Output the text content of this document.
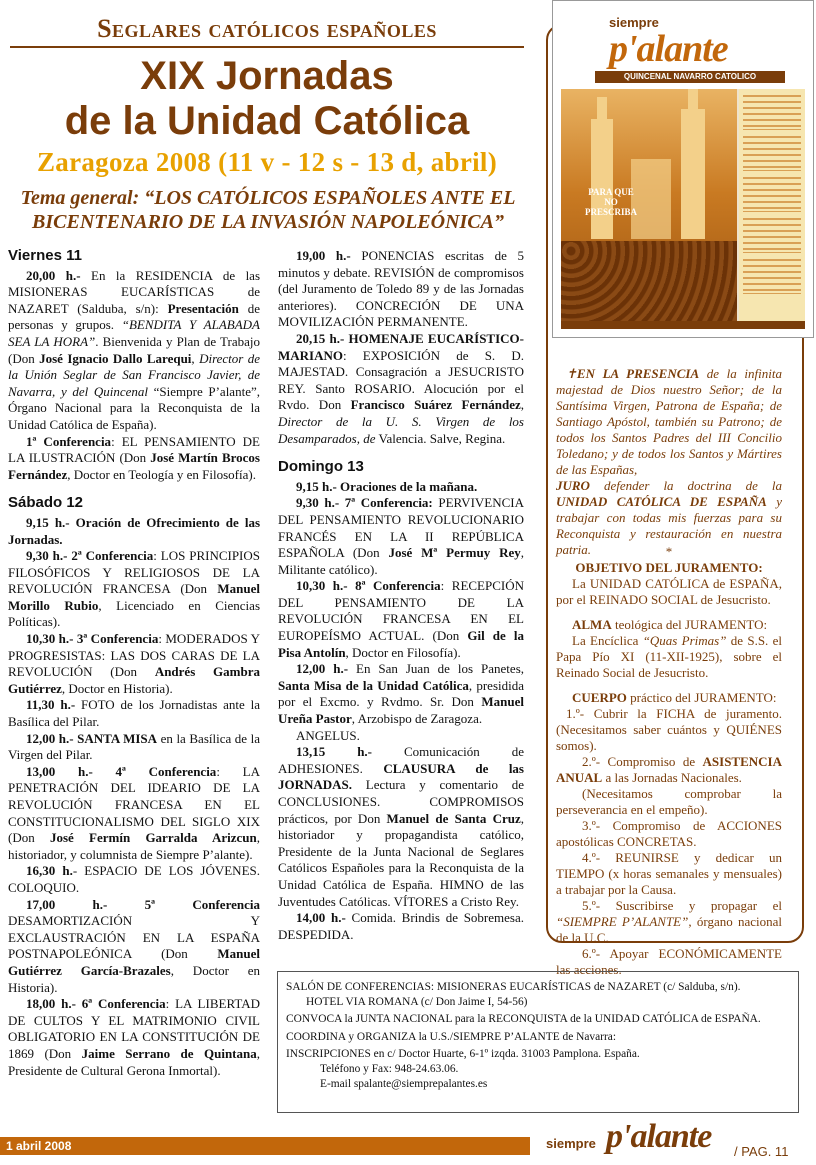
Seglares católicos españoles
XIX Jornadas
de la Unidad Católica
Zaragoza 2008 (11 v - 12 s - 13 d, abril)
Tema general: “LOS CATÓLICOS ESPAÑOLES ANTE EL BICENTENARIO DE LA INVASIÓN NAPOLEÓNICA”

Viernes 11

20,00 h.- En la RESIDENCIA de las MISIONERAS EUCARÍSTICAS de NAZARET (Salduba, s/n): Presentación de personas y grupos. “BENDITA Y ALABADA SEA LA HORA”. Bienvenida y Plan de Trabajo (Don José Ignacio Dallo Larequi, Director de la Unión Seglar de San Francisco Javier, de Navarra, y del Quincenal “Siempre P’alante”, Órgano Nacional para la Reconquista de la Unidad Católica de España).

1ª Conferencia: EL PENSAMIENTO DE LA ILUSTRACIÓN (Don José Martín Brocos Fernández, Doctor en Teología y en Filosofía).

Sábado 12

9,15 h.- Oración de Ofrecimiento de las Jornadas.

9,30 h.- 2ª Conferencia: LOS PRINCIPIOS FILOSÓFICOS Y RELIGIOSOS DE LA REVOLUCIÓN FRANCESA (Don Manuel Morillo Rubio, Licenciado en Ciencias Políticas).

10,30 h.- 3ª Conferencia: MODERADOS Y PROGRESISTAS: LAS DOS CARAS DE LA REVOLUCIÓN (Don Andrés Gambra Gutiérrez, Doctor en Historia).

11,30 h.- FOTO de los Jornadistas ante la Basílica del Pilar.

12,00 h.- SANTA MISA en la Basílica de la Virgen del Pilar.

13,00 h.- 4ª Conferencia: LA PENETRACIÓN DEL IDEARIO DE LA REVOLUCIÓN FRANCESA EN EL CONSTITUCIONALISMO DEL SIGLO XIX (Don José Fermín Garralda Arizcun, historiador, y columnista de Siempre P’alante).

16,30 h.- ESPACIO DE LOS JÓVENES. COLOQUIO.

17,00 h.- 5ª Conferencia DESAMORTIZACIÓN Y EXCLAUSTRACIÓN EN LA ESPAÑA POSTNAPOLEÓNICA (Don Manuel Gutiérrez García-Brazales, Doctor en Historia).

18,00 h.- 6ª Conferencia: LA LIBERTAD DE CULTOS Y EL MATRIMONIO CIVIL OBLIGATORIO EN LA CONSTITUCIÓN DE 1869 (Don Jaime Serrano de Quintana, Presidente de Cultural Gerona Inmortal).

19,00 h.- PONENCIAS escritas de 5 minutos y debate. REVISIÓN de compromisos (del Juramento de Toledo 89 y de las Jornadas anteriores). CONCRECIÓN DE UNA MOVILIZACIÓN PERMANENTE.

20,15 h.- HOMENAJE EUCARÍSTICO-MARIANO: EXPOSICIÓN de S. D. MAJESTAD. Consagración a JESUCRISTO REY. Santo ROSARIO. Alocución por el Rvdo. Don Francisco Suárez Fernández, Director de la U. S. Virgen de los Desamparados, de Valencia. Salve, Regina.

Domingo 13

9,15 h.- Oraciones de la mañana.

9,30 h.- 7ª Conferencia: PERVIVENCIA DEL PENSAMIENTO REVOLUCIONARIO FRANCÉS EN LA II REPÚBLICA ESPAÑOLA (Don José Mª Permuy Rey, Militante católico).

10,30 h.- 8ª Conferencia: RECEPCIÓN DEL PENSAMIENTO DE LA REVOLUCIÓN FRANCESA EN EL EUROPEÍSMO ACTUAL. (Don Gil de la Pisa Antolín, Doctor en Filosofía).

12,00 h.- En San Juan de los Panetes, Santa Misa de la Unidad Católica, presidida por el Excmo. y Rvdmo. Sr. Don Manuel Ureña Pastor, Arzobispo de Zaragoza.

ANGELUS.

13,15 h.- Comunicación de ADHESIONES. CLAUSURA de las JORNADAS. Lectura y comentario de CONCLUSIONES. COMPROMISOS prácticos, por Don Manuel de Santa Cruz, historiador y propagandista católico, Presidente de la Junta Nacional de Seglares Católicos Españoles para la Reconquista de la Unidad Católica de España. HIMNO de las Juventudes Católicas. VÍTORES a Cristo Rey.

14,00 h.- Comida. Brindis de Sobremesa. DESPEDIDA.

siempre
p'alante
QUINCENAL NAVARRO CATOLICO
PARA QUE NO PRESCRIBA

✝EN LA PRESENCIA de la infinita majestad de Dios nuestro Señor; de la Santísima Virgen, Patrona de España; de Santiago Apóstol, también su Patrono; de todos los Santos Padres del III Concilio Toledano; y de todos los Santos y Mártires de las Españas,
JURO defender la doctrina de la UNIDAD CATÓLICA DE ESPAÑA y trabajar con todas mis fuerzas para su Reconquista y restauración en nuestra patria.	*

OBJETIVO DEL JURAMENTO:

La UNIDAD CATÓLICA de ESPAÑA, por el REINADO SOCIAL de Jesucristo.

ALMA teológica del JURAMENTO:

La Encíclica “Quas Primas” de S.S. el Papa Pío XI (11-XII-1925), sobre el Reinado Social de Jesucristo.

CUERPO práctico del JURAMENTO:

1.º- Cubrir la FICHA de juramento. (Necesitamos saber cuántos y QUIÉNES somos).

2.º- Compromiso de ASISTENCIA ANUAL a las Jornadas Nacionales.

(Necesitamos comprobar la perseverancia en el empeño).

3.º- Compromiso de ACCIONES apostólicas CONCRETAS.

4.º- REUNIRSE y dedicar un TIEMPO (x horas semanales y mensuales) a trabajar por la Causa.

5.º- Suscribirse y propagar el “SIEMPRE P’ALANTE”, órgano nacional de la U.C.

6.º- Apoyar ECONÓMICAMENTE las acciones.

SALÓN DE CONFERENCIAS: MISIONERAS EUCARÍSTICAS de NAZARET (c/ Salduba, s/n).

HOTEL VIA ROMANA (c/ Don Jaime I, 54-56)

CONVOCA la JUNTA NACIONAL para la RECONQUISTA de la UNIDAD CATÓLICA de ESPAÑA.

COORDINA y ORGANIZA la U.S./SIEMPRE P’ALANTE de Navarra:

INSCRIPCIONES en c/ Doctor Huarte, 6-1º izqda. 31003 Pamplona. España.

Teléfono y Fax: 948-24.63.06.

E-mail spalante@siemprepalantes.es

1 abril 2008	siempre p'alante / PAG. 11
